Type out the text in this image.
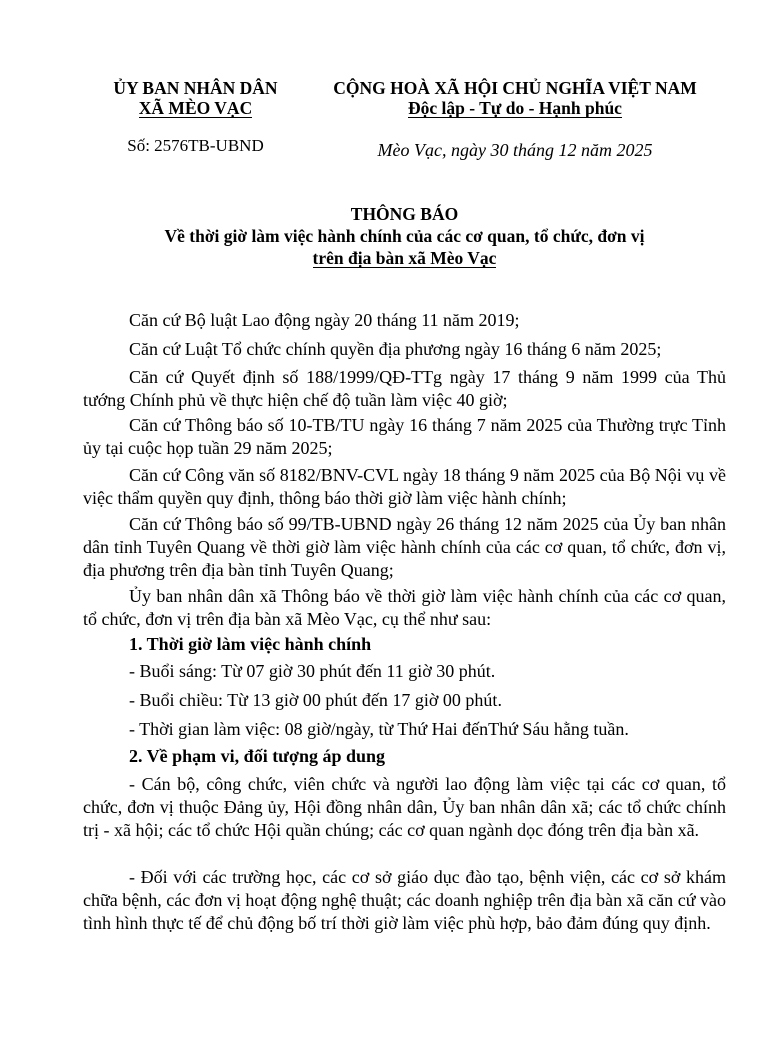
ỦY BAN NHÂN DÂN
XÃ MÈO VẠC
CỘNG HOÀ XÃ HỘI CHỦ NGHĨA VIỆT NAM
Độc lập - Tự do - Hạnh phúc
Số: 2576TB-UBND	Mèo Vạc, ngày 30 tháng 12 năm 2025
THÔNG BÁO
Về thời giờ làm việc hành chính của các cơ quan, tổ chức, đơn vị
trên địa bàn xã Mèo Vạc
Căn cứ Bộ luật Lao động ngày 20 tháng 11 năm 2019;
Căn cứ Luật Tổ chức chính quyền địa phương ngày 16 tháng 6 năm 2025;
Căn cứ Quyết định số 188/1999/QĐ-TTg ngày 17 tháng 9 năm 1999 của Thủ tướng Chính phủ về thực hiện chế độ tuần làm việc 40 giờ;
Căn cứ Thông báo số 10-TB/TU ngày 16 tháng 7 năm 2025 của Thường trực Tỉnh ủy tại cuộc họp tuần 29 năm 2025;
Căn cứ Công văn số 8182/BNV-CVL ngày 18 tháng 9 năm 2025 của Bộ Nội vụ về việc thẩm quyền quy định, thông báo thời giờ làm việc hành chính;
Căn cứ Thông báo số 99/TB-UBND ngày 26 tháng 12 năm 2025 của Ủy ban nhân dân tỉnh Tuyên Quang về thời giờ làm việc hành chính của các cơ quan, tổ chức, đơn vị, địa phương trên địa bàn tỉnh Tuyên Quang;
Ủy ban nhân dân xã Thông báo về thời giờ làm việc hành chính của các cơ quan, tổ chức, đơn vị trên địa bàn xã Mèo Vạc, cụ thể như sau:
1. Thời giờ làm việc hành chính
- Buổi sáng: Từ 07 giờ 30 phút đến 11 giờ 30 phút.
- Buổi chiều: Từ 13 giờ 00 phút đến 17 giờ 00 phút.
- Thời gian làm việc: 08 giờ/ngày, từ Thứ Hai đếnThứ Sáu hằng tuần.
2. Về phạm vi, đối tượng áp dung
- Cán bộ, công chức, viên chức và người lao động làm việc tại các cơ quan, tổ chức, đơn vị thuộc Đảng ủy, Hội đồng nhân dân, Ủy ban nhân dân xã; các tổ chức chính trị - xã hội; các tổ chức Hội quần chúng; các cơ quan ngành dọc đóng trên địa bàn xã.
- Đối với các trường học, các cơ sở giáo dục đào tạo, bệnh viện, các cơ sở khám chữa bệnh, các đơn vị hoạt động nghệ thuật; các doanh nghiệp trên địa bàn xã căn cứ vào tình hình thực tế để chủ động bố trí thời giờ làm việc phù hợp, bảo đảm đúng quy định.
